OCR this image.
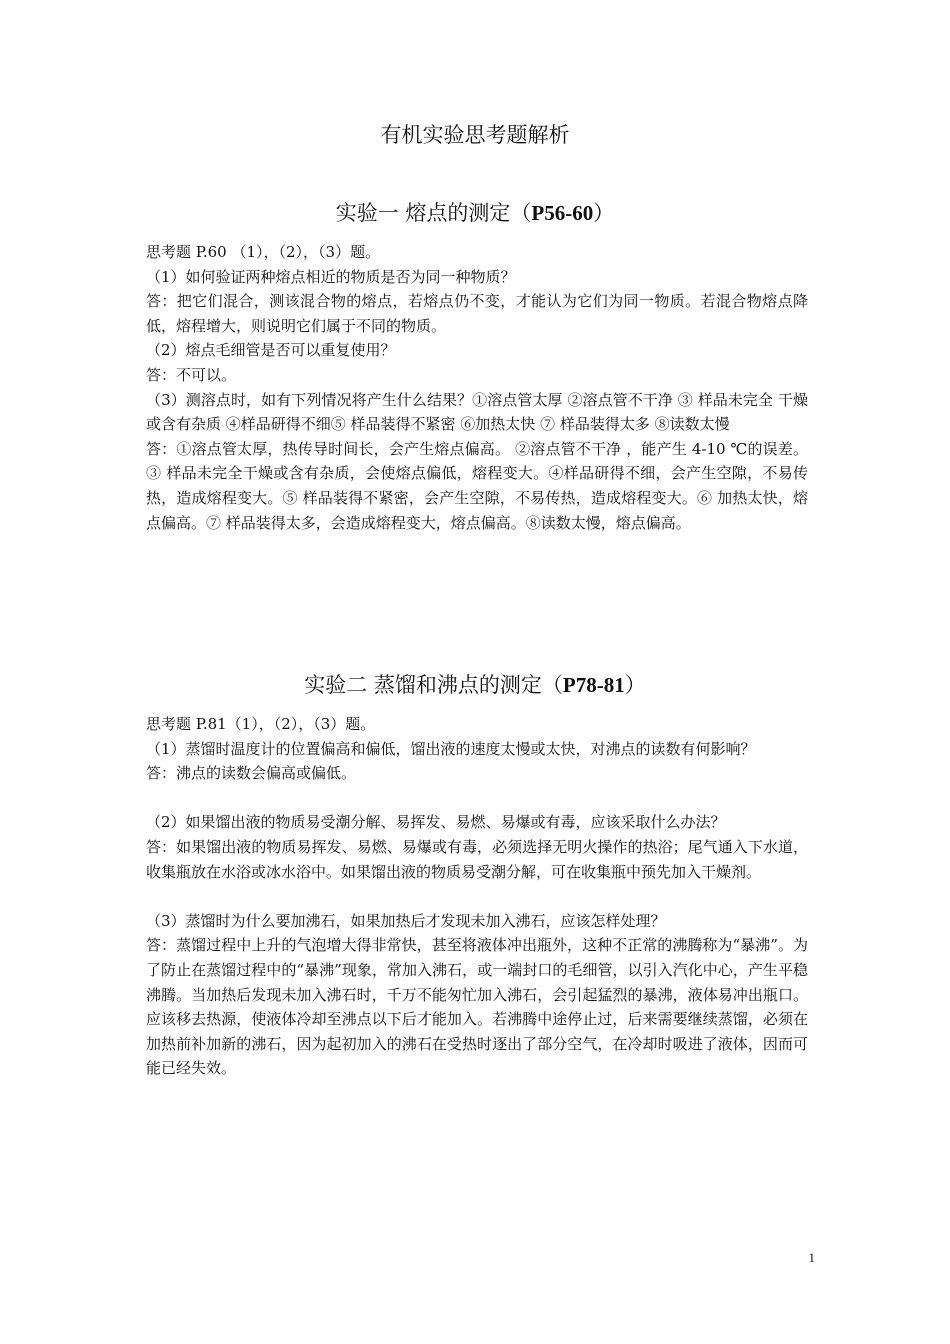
有机实验思考题解析
实验一 熔点的测定（P56-60）

思考题 P.60 （1），（2），（3）题。

（1）如何验证两种熔点相近的物质是否为同一种物质？

答：把它们混合，测该混合物的熔点，若熔点仍不变，才能认为它们为同一物质。若混合物熔点降低，熔程增大，则说明它们属于不同的物质。

（2）熔点毛细管是否可以重复使用？

答：不可以。

（3）测溶点时，如有下列情况将产生什么结果？①溶点管太厚 ②溶点管不干净 ③ 样品未完全 干燥或含有杂质 ④样品研得不细⑤ 样品装得不紧密 ⑥加热太快 ⑦ 样品装得太多 ⑧读数太慢

答：①溶点管太厚，热传导时间长，会产生熔点偏高。 ②溶点管不干净 ，能产生 4-10 ℃的误差。③ 样品未完全干燥或含有杂质，会使熔点偏低，熔程变大。④样品研得不细，会产生空隙，不易传热，造成熔程变大。⑤ 样品装得不紧密，会产生空隙，不易传热，造成熔程变大。⑥ 加热太快，熔点偏高。⑦ 样品装得太多，会造成熔程变大，熔点偏高。⑧读数太慢，熔点偏高。

实验二 蒸馏和沸点的测定（P78-81）

思考题 P.81（1），（2），（3）题。

（1）蒸馏时温度计的位置偏高和偏低，馏出液的速度太慢或太快，对沸点的读数有何影响？

答：沸点的读数会偏高或偏低。

（2）如果馏出液的物质易受潮分解、易挥发、易燃、易爆或有毒，应该采取什么办法？

答：如果馏出液的物质易挥发、易燃、易爆或有毒，必须选择无明火操作的热浴；尾气通入下水道，收集瓶放在水浴或冰水浴中。如果馏出液的物质易受潮分解，可在收集瓶中预先加入干燥剂。

（3）蒸馏时为什么要加沸石，如果加热后才发现未加入沸石，应该怎样处理？

答：蒸馏过程中上升的气泡增大得非常快，甚至将液体冲出瓶外，这种不正常的沸腾称为“暴沸”。为了防止在蒸馏过程中的“暴沸”现象，常加入沸石，或一端封口的毛细管，以引入汽化中心，产生平稳沸腾。当加热后发现未加入沸石时，千万不能匆忙加入沸石，会引起猛烈的暴沸，液体易冲出瓶口。应该移去热源，使液体冷却至沸点以下后才能加入。若沸腾中途停止过，后来需要继续蒸馏，必须在加热前补加新的沸石，因为起初加入的沸石在受热时逐出了部分空气，在冷却时吸进了液体，因而可能已经失效。

1
